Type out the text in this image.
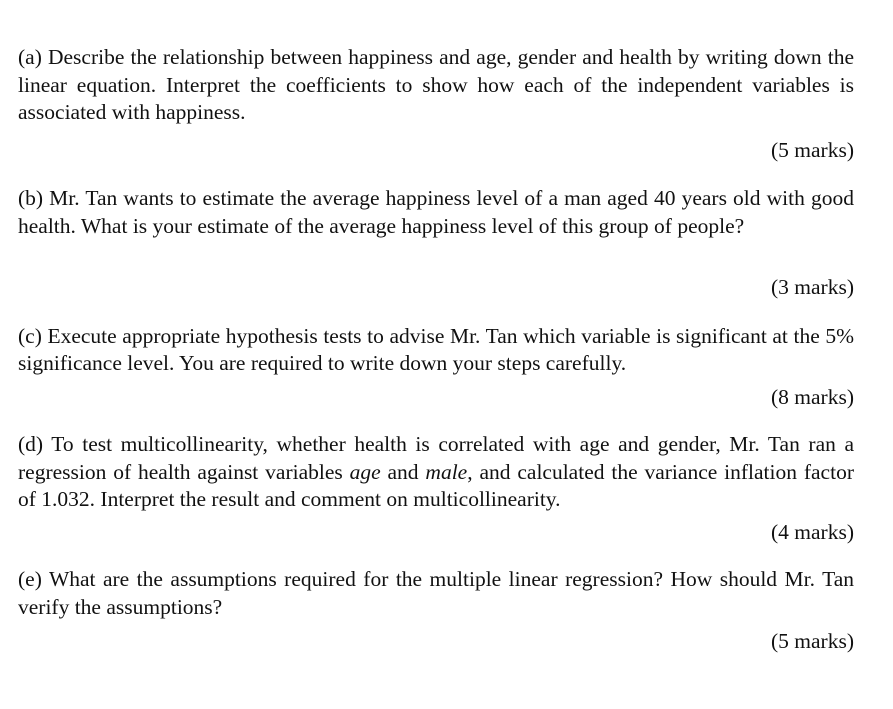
(a) Describe the relationship between happiness and age, gender and health by writing down the linear equation. Interpret the coefficients to show how each of the independent variables is associated with happiness.

(5 marks)

(b) Mr. Tan wants to estimate the average happiness level of a man aged 40 years old with good health. What is your estimate of the average happiness level of this group of people?

(3 marks)

(c) Execute appropriate hypothesis tests to advise Mr. Tan which variable is significant at the 5% significance level. You are required to write down your steps carefully.

(8 marks)

(d) To test multicollinearity, whether health is correlated with age and gender, Mr. Tan ran a regression of health against variables age and male, and calculated the variance inflation factor of 1.032. Interpret the result and comment on multicollinearity.

(4 marks)

(e) What are the assumptions required for the multiple linear regression? How should Mr. Tan verify the assumptions?

(5 marks)
